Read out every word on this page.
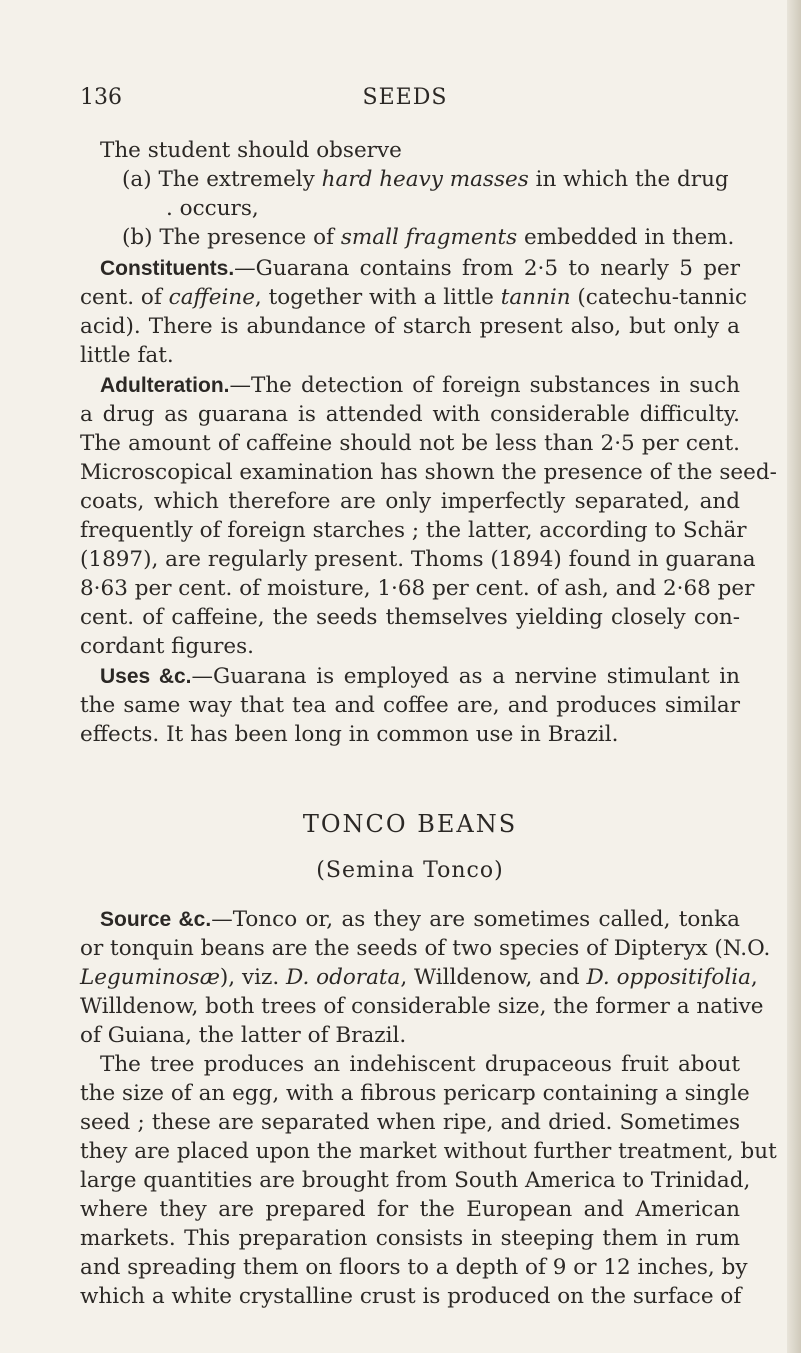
136	SEEDS
The student should observe
(a) The extremely hard heavy masses in which the drug
. occurs,
(b) The presence of small fragments embedded in them.
Constituents.—Guarana contains from 2·5 to nearly 5 per
cent. of caffeine, together with a little tannin (catechu-tannic
acid). There is abundance of starch present also, but only a
little fat.
Adulteration.—The detection of foreign substances in such
a drug as guarana is attended with considerable difficulty.
The amount of caffeine should not be less than 2·5 per cent.
Microscopical examination has shown the presence of the seed-
coats, which therefore are only imperfectly separated, and
frequently of foreign starches ; the latter, according to Schär
(1897), are regularly present. Thoms (1894) found in guarana
8·63 per cent. of moisture, 1·68 per cent. of ash, and 2·68 per
cent. of caffeine, the seeds themselves yielding closely con-
cordant figures.
Uses &c.—Guarana is employed as a nervine stimulant in
the same way that tea and coffee are, and produces similar
effects. It has been long in common use in Brazil.
TONCO BEANS
(Semina Tonco)
Source &c.—Tonco or, as they are sometimes called, tonka
or tonquin beans are the seeds of two species of Dipteryx (N.O.
Leguminosæ), viz. D. odorata, Willdenow, and D. oppositifolia,
Willdenow, both trees of considerable size, the former a native
of Guiana, the latter of Brazil.
The tree produces an indehiscent drupaceous fruit about
the size of an egg, with a fibrous pericarp containing a single
seed ; these are separated when ripe, and dried. Sometimes
they are placed upon the market without further treatment, but
large quantities are brought from South America to Trinidad,
where they are prepared for the European and American
markets. This preparation consists in steeping them in rum
and spreading them on floors to a depth of 9 or 12 inches, by
which a white crystalline crust is produced on the surface of
